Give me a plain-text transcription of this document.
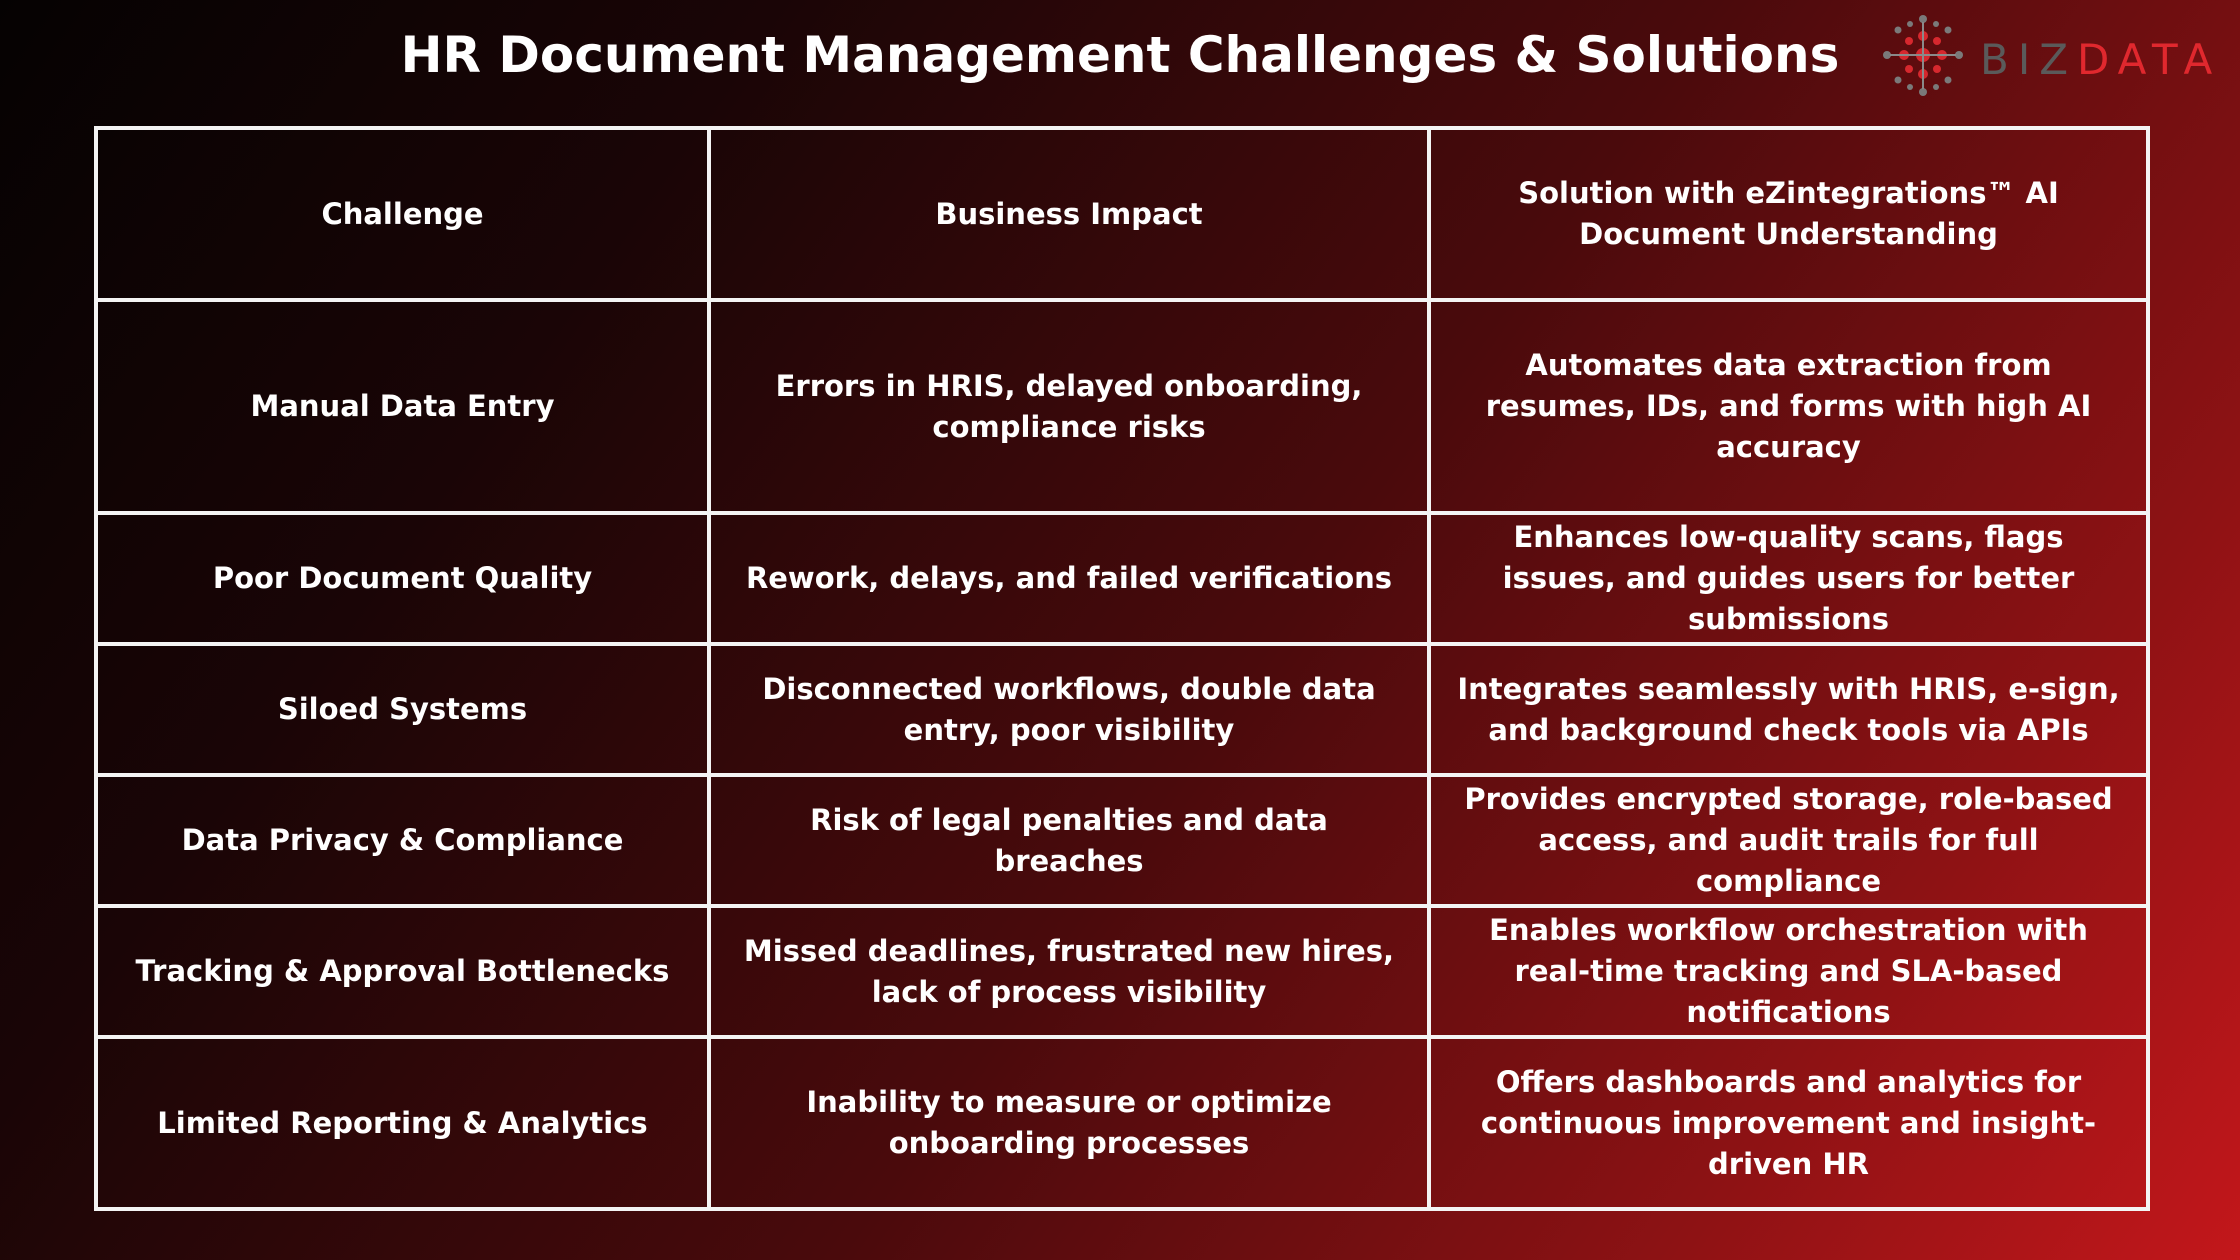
HR Document Management Challenges & Solutions	BIZDATA
Challenge	Business Impact	Solution with eZintegrations™ AI Document Understanding
Manual Data Entry	Errors in HRIS, delayed onboarding, compliance risks	Automates data extraction from resumes, IDs, and forms with high AI accuracy
Poor Document Quality	Rework, delays, and failed verifications	Enhances low-quality scans, flags issues, and guides users for better submissions
Siloed Systems	Disconnected workflows, double data entry, poor visibility	Integrates seamlessly with HRIS, e-sign, and background check tools via APIs
Data Privacy & Compliance	Risk of legal penalties and data breaches	Provides encrypted storage, role-based access, and audit trails for full compliance
Tracking & Approval Bottlenecks	Missed deadlines, frustrated new hires, lack of process visibility	Enables workflow orchestration with real-time tracking and SLA-based notifications
Limited Reporting & Analytics	Inability to measure or optimize onboarding processes	Offers dashboards and analytics for continuous improvement and insight-driven HR
